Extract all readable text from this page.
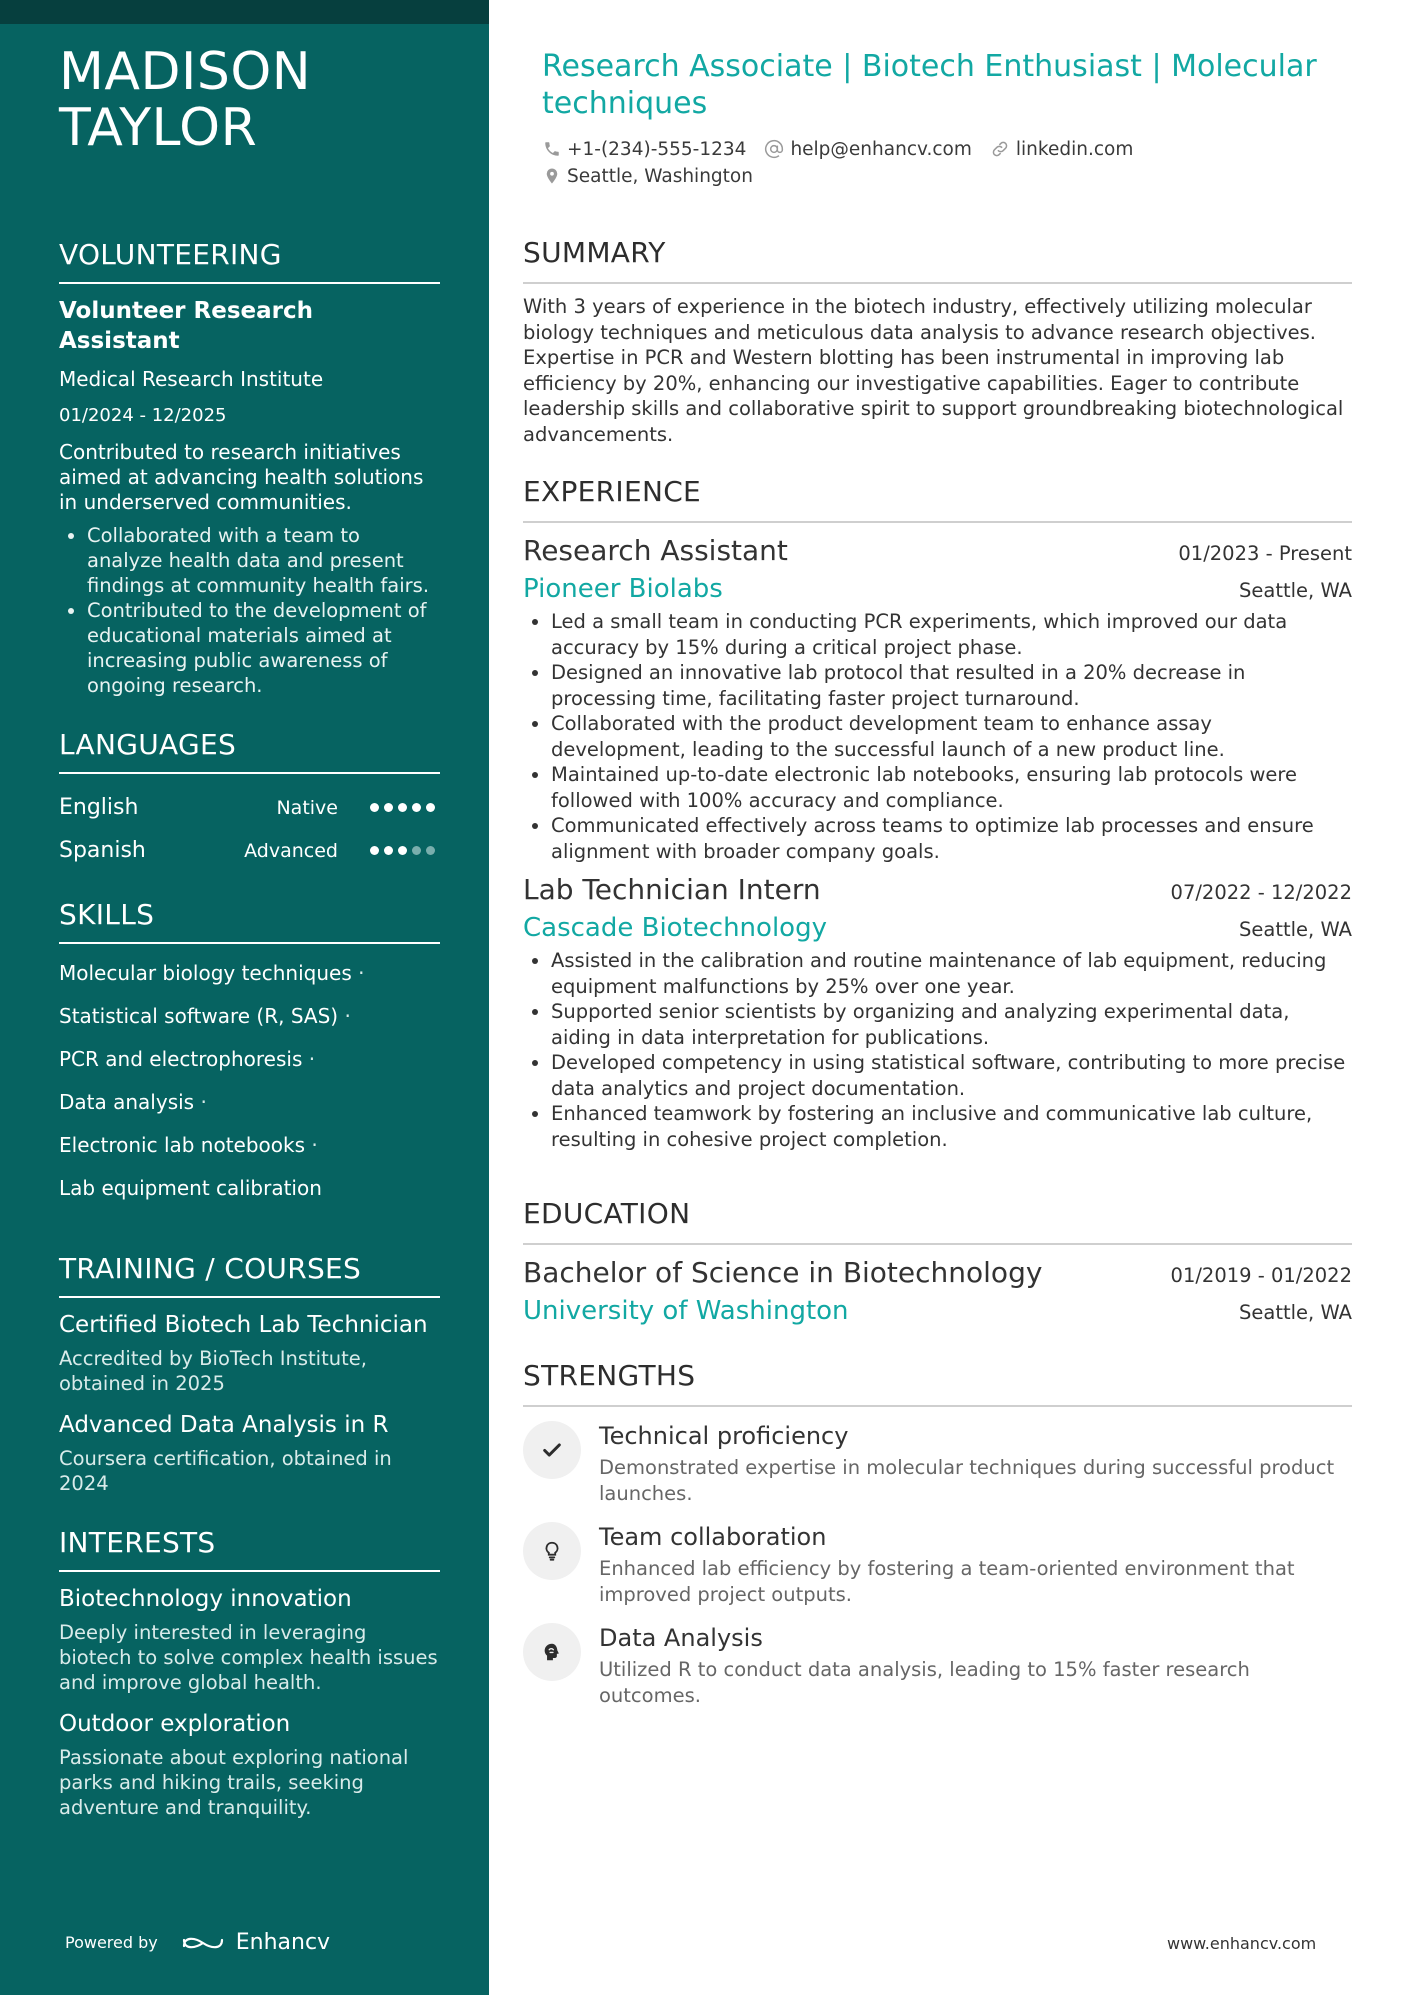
MADISON TAYLOR
VOLUNTEERING
Volunteer Research Assistant
Medical Research Institute
01/2024 - 12/2025
Contributed to research initiatives aimed at advancing health solutions in underserved communities.
• Collaborated with a team to analyze health data and present findings at community health fairs.
• Contributed to the development of educational materials aimed at increasing public awareness of ongoing research.
LANGUAGES
English	Native
Spanish	Advanced
SKILLS
Molecular biology techniques ·
Statistical software (R, SAS) ·
PCR and electrophoresis ·
Data analysis ·
Electronic lab notebooks ·
Lab equipment calibration
TRAINING / COURSES
Certified Biotech Lab Technician
Accredited by BioTech Institute, obtained in 2025
Advanced Data Analysis in R
Coursera certification, obtained in 2024
INTERESTS
Biotechnology innovation
Deeply interested in leveraging biotech to solve complex health issues and improve global health.
Outdoor exploration
Passionate about exploring national parks and hiking trails, seeking adventure and tranquility.
Powered by	Enhancv
Research Associate | Biotech Enthusiast | Molecular techniques
+1-(234)-555-1234 help@enhancv.com linkedin.com
Seattle, Washington
SUMMARY
With 3 years of experience in the biotech industry, effectively utilizing molecular biology techniques and meticulous data analysis to advance research objectives. Expertise in PCR and Western blotting has been instrumental in improving lab efficiency by 20%, enhancing our investigative capabilities. Eager to contribute leadership skills and collaborative spirit to support groundbreaking biotechnological advancements.
EXPERIENCE
Research Assistant	01/2023 - Present
Pioneer Biolabs	Seattle, WA
• Led a small team in conducting PCR experiments, which improved our data accuracy by 15% during a critical project phase.
• Designed an innovative lab protocol that resulted in a 20% decrease in processing time, facilitating faster project turnaround.
• Collaborated with the product development team to enhance assay development, leading to the successful launch of a new product line.
• Maintained up-to-date electronic lab notebooks, ensuring lab protocols were followed with 100% accuracy and compliance.
• Communicated effectively across teams to optimize lab processes and ensure alignment with broader company goals.
Lab Technician Intern	07/2022 - 12/2022
Cascade Biotechnology	Seattle, WA
• Assisted in the calibration and routine maintenance of lab equipment, reducing equipment malfunctions by 25% over one year.
• Supported senior scientists by organizing and analyzing experimental data, aiding in data interpretation for publications.
• Developed competency in using statistical software, contributing to more precise data analytics and project documentation.
• Enhanced teamwork by fostering an inclusive and communicative lab culture, resulting in cohesive project completion.
EDUCATION
Bachelor of Science in Biotechnology	01/2019 - 01/2022
University of Washington	Seattle, WA
STRENGTHS
Technical proficiency
Demonstrated expertise in molecular techniques during successful product launches.
Team collaboration
Enhanced lab efficiency by fostering a team-oriented environment that improved project outputs.
Data Analysis
Utilized R to conduct data analysis, leading to 15% faster research outcomes.
www.enhancv.com
